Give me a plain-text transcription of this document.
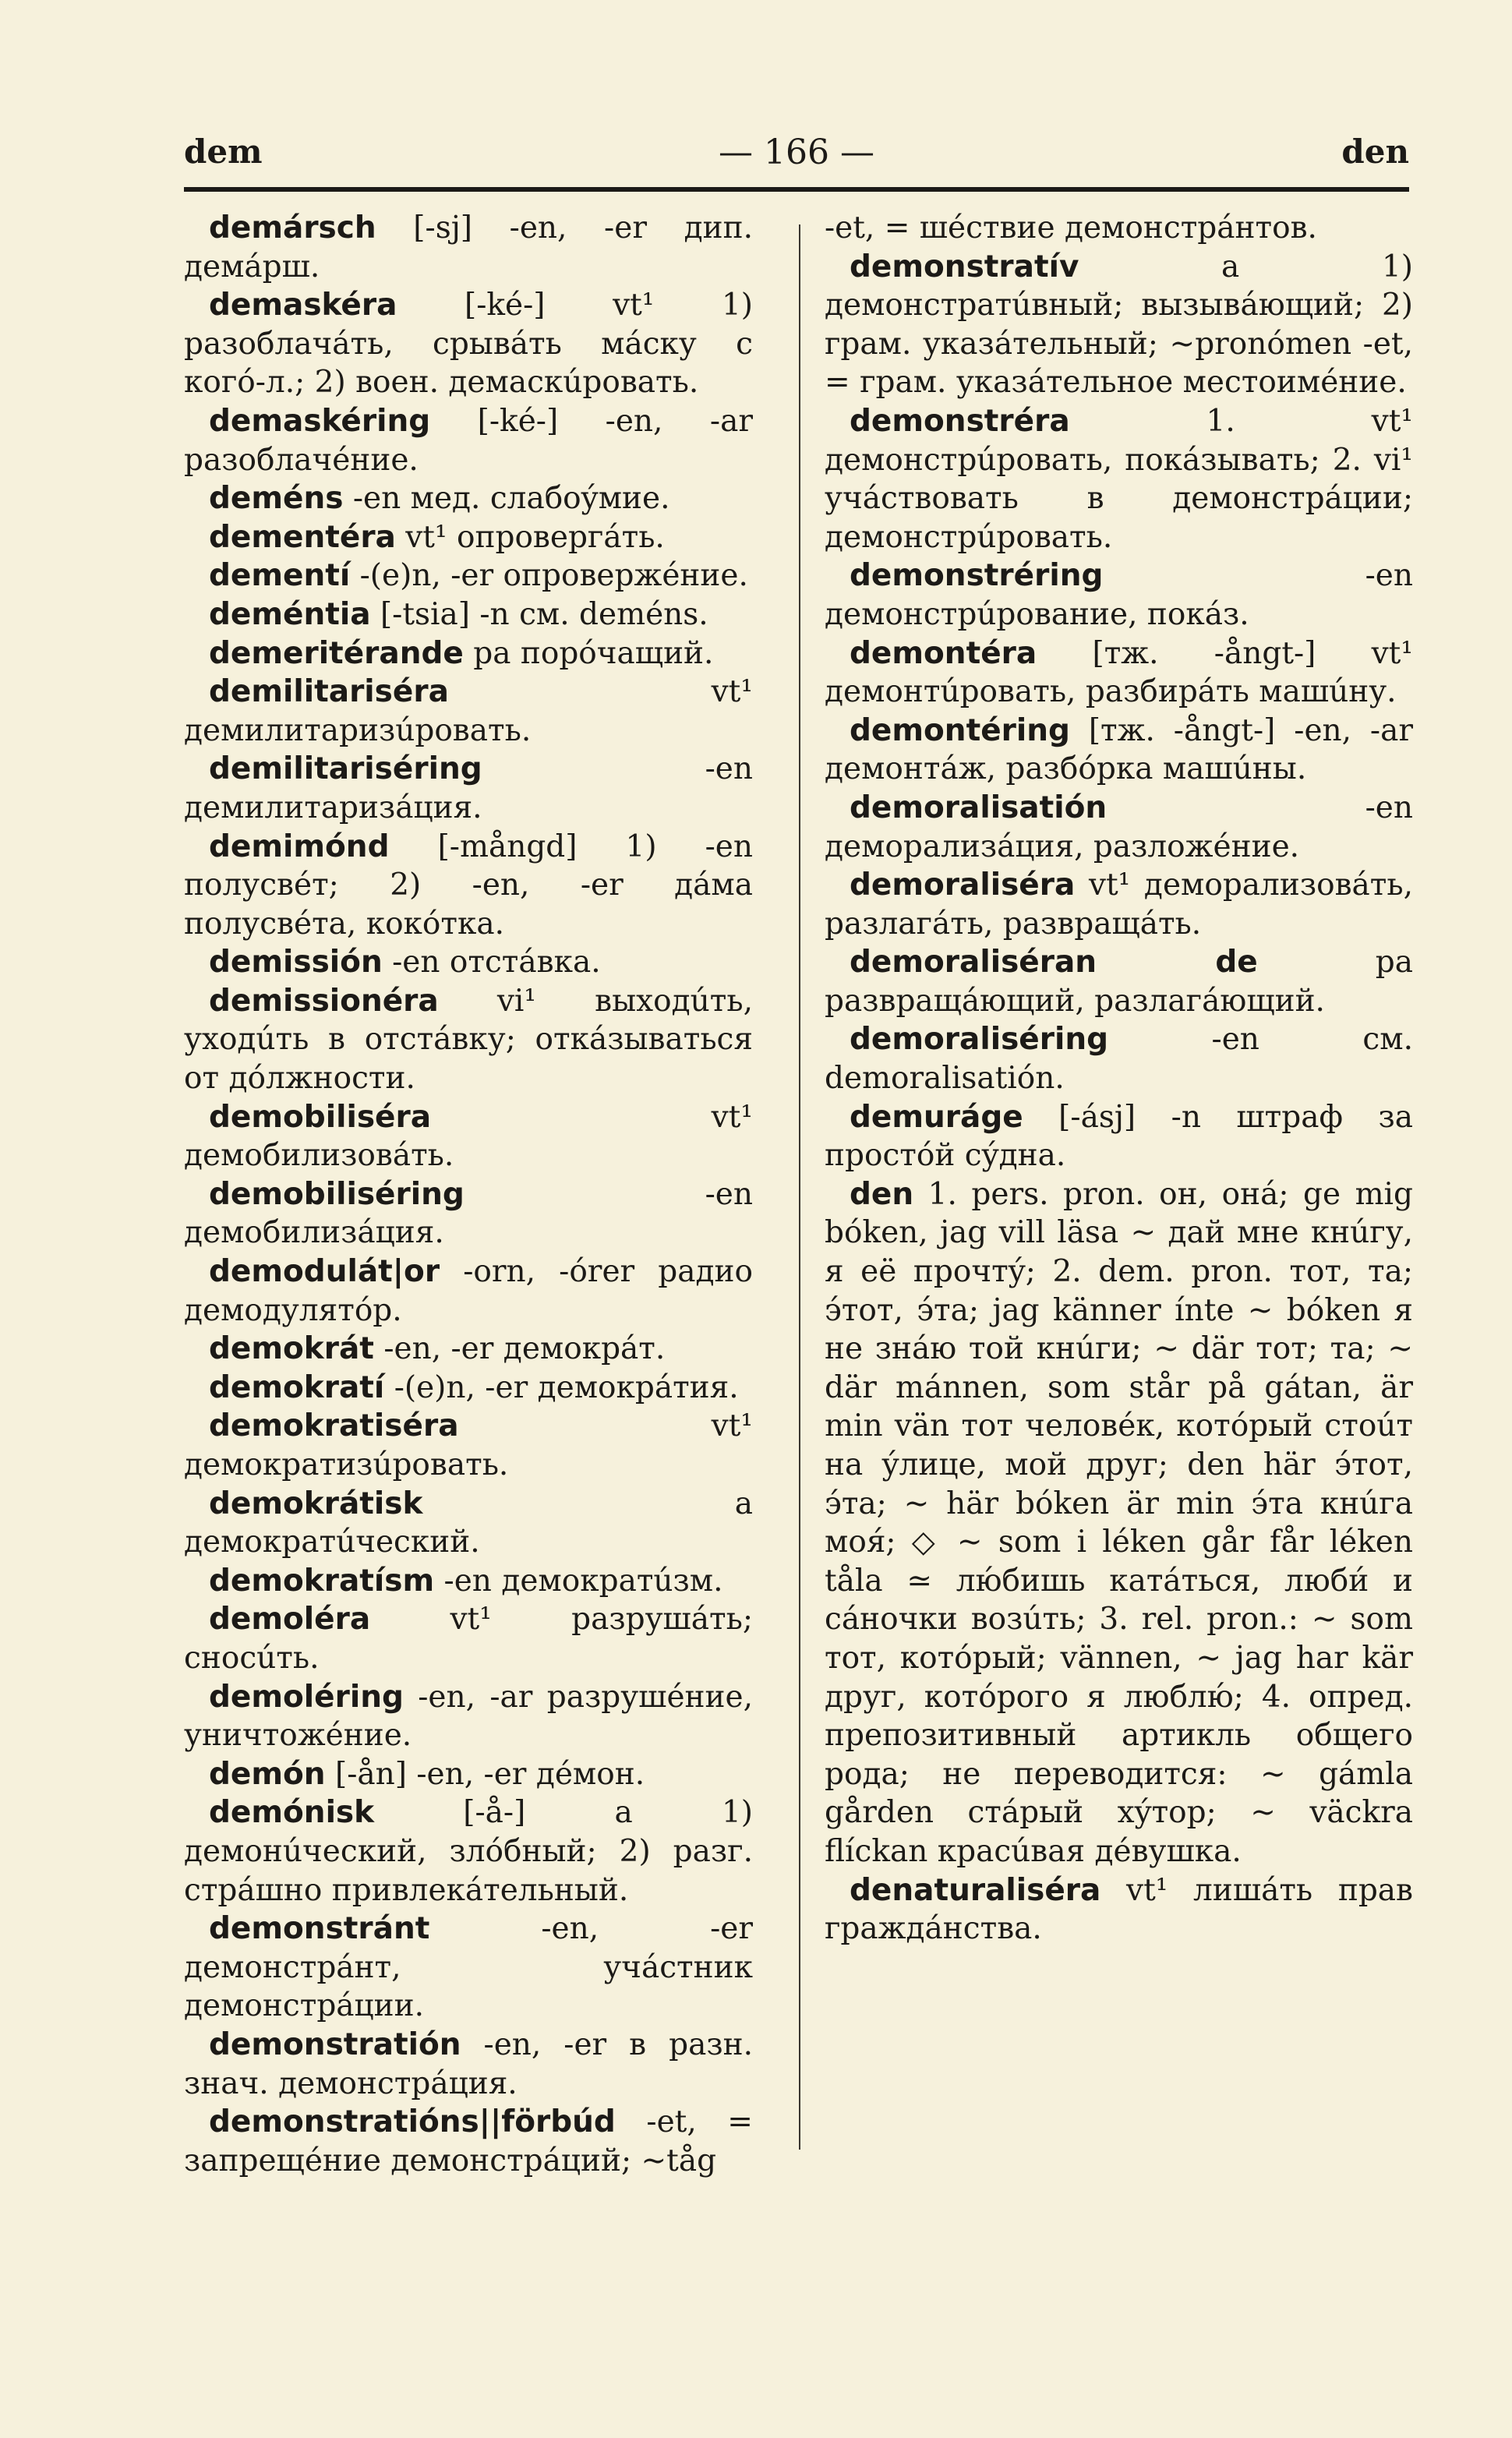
dem	— 166 —	den

demársch [-sj] -en, -er дип. демáрш.

demaskéra [-ké-] vt¹ 1) разоблачáть, срывáть мáску с когó-л.; 2) воен. демаскúровать.

demaskéring [-ké-] -en, -ar разоблачéние.

deméns -en мед. слабоýмие.

dementéra vt¹ опровергáть.

dementí -(e)n, -er опровержéние.

deméntia [-tsia] -n см. deméns.

demeritérande pa порóчащий.

demilitariséra vt¹ демилитаризúровать.

demilitariséring -en демилитаризáция.

demimónd [-mångd] 1) -en полусвéт; 2) -en, -er дáма полусвéта, кокóтка.

demissión -en отстáвка.

demissionéra vi¹ выходúть, уходúть в отстáвку; откáзываться от дóлжности.

demobiliséra vt¹ демобилизовáть.

demobiliséring -en демобилизáция.

demodulát|or -orn, -órer радио демодулятóр.

demokrát -en, -er демокрáт.

demokratí -(e)n, -er демокрáтия.

demokratiséra vt¹ демократизúровать.

demokrátisk a демократúческий.

demokratísm -en демократúзм.

demoléra vt¹ разрушáть; сносúть.

demoléring -en, -ar разрушéние, уничтожéние.

demón [-ån] -en, -er дéмон.

demónisk [-å-] a 1) демонúческий, злóбный; 2) разг. стрáшно привлекáтельный.

demonstránt -en, -er демонстрáнт, учáстник демонстрáции.

demonstratión -en, -er в разн. знач. демонстрáция.

demonstratións||förbúd -et, = запрещéние демонстрáций; ~tåg

-et, = шéствие демонстрáнтов.

demonstratív a 1) демонстратúвный; вызывáющий; 2) грам. указáтельный; ~pronómen -et, = грам. указáтельное местоимéние.

demonstréra 1. vt¹ демонстрúровать, покáзывать; 2. vi¹ учáствовать в демонстрáции; демонстрúровать.

demonstréring -en демонстрúрование, покáз.

demontéra [тж. -ångt-] vt¹ демонтúровать, разбирáть машúну.

demontéring [тж. -ångt-] -en, -ar демонтáж, разбóрка машúны.

demoralisatión -en деморализáция, разложéние.

demoraliséra vt¹ деморализовáть, разлагáть, развращáть.

demoraliséran de pa развращáющий, разлагáющий.

demoraliséring -en см. demoralisatión.

demuráge [-ásj] -n штраф за простóй сýдна.

den 1. pers. pron. он, онá; ge mig bóken, jag vill läsa ~ дай мне кнúгу, я её прочтý; 2. dem. pron. тот, та; э́тот, э́та; jag känner ínte ~ bóken я не знáю той кнúги; ~ där тот; та; ~ där mánnen, som står på gátan, är min vän тот человéк, котóрый стоúт на ýлице, мой друг; den här э́тот, э́та; ~ här bóken är min э́та кнúга моя́; ◇ ~ som i léken går får léken tåla ≃ лю́бишь катáться, люби́ и сáночки возúть; 3. rel. pron.: ~ som тот, котóрый; vännen, ~ jag har kär друг, котóрого я люблю́; 4. опред. препозитивный артикль общего рода; не переводится: ~ gámla gården стáрый хýтор; ~ väckra flíckan красúвая дéвушка.

denaturaliséra vt¹ лишáть прав граждáнства.
